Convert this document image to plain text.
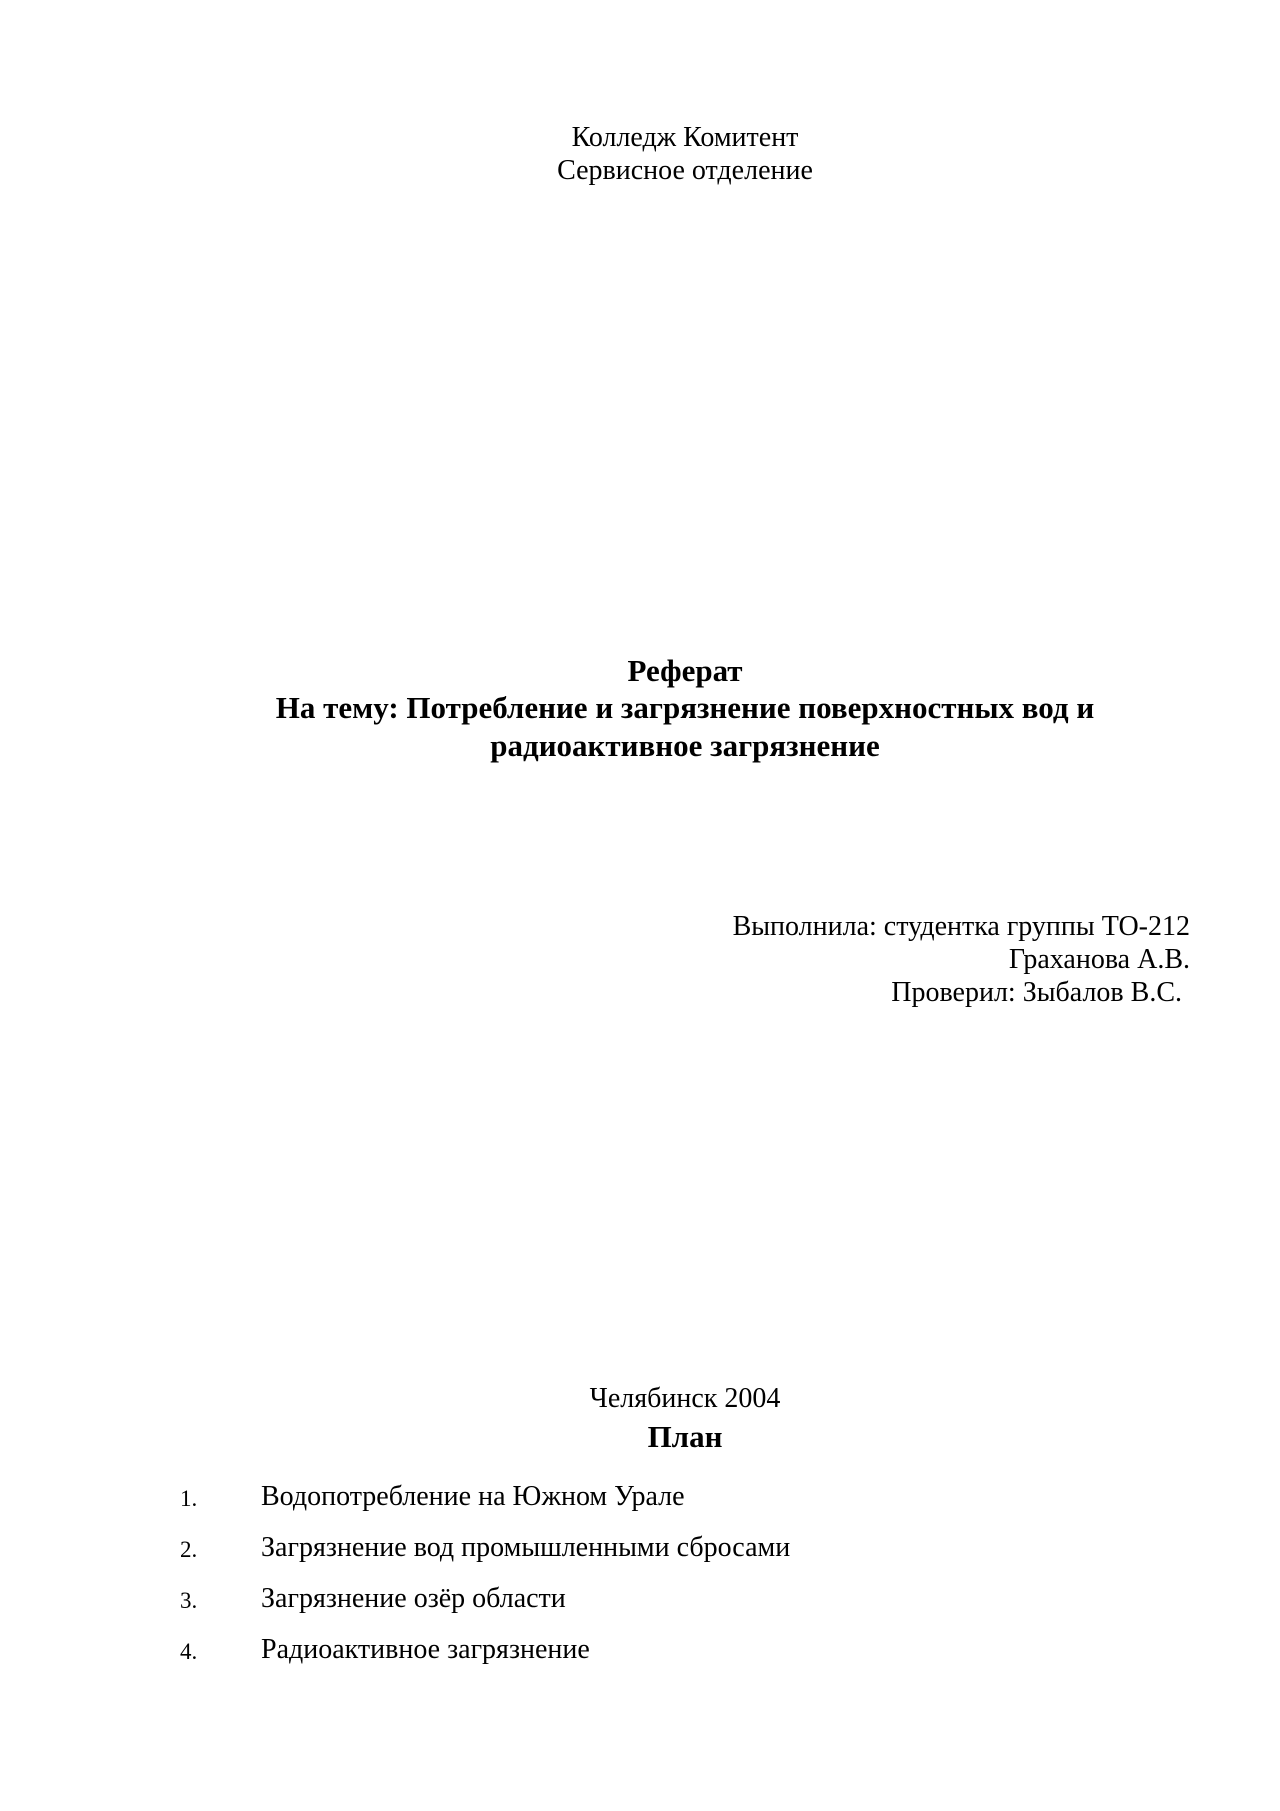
Колледж Комитент
Сервисное отделение
Реферат
На тему: Потребление и загрязнение поверхностных вод и
радиоактивное загрязнение
Выполнила: студентка группы ТО-212
Граханова А.В.
Проверил: Зыбалов В.С.
Челябинск 2004
План
1. Водопотребление на Южном Урале
2. Загрязнение вод промышленными сбросами
3. Загрязнение озёр области
4. Радиоактивное загрязнение
